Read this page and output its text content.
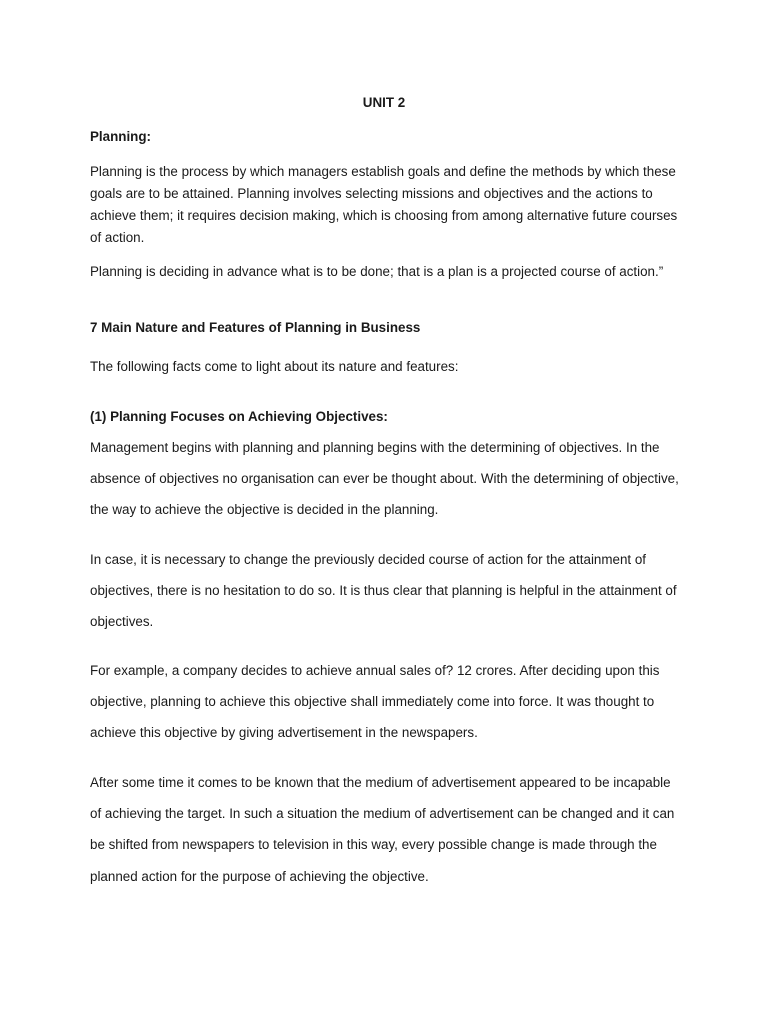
UNIT 2

Planning:

Planning is the process by which managers establish goals and define the methods by which these goals are to be attained. Planning involves selecting missions and objectives and the actions to achieve them; it requires decision making, which is choosing from among alternative future courses of action.

Planning is deciding in advance what is to be done; that is a plan is a projected course of action.”

7 Main Nature and Features of Planning in Business

The following facts come to light about its nature and features:

(1) Planning Focuses on Achieving Objectives:

Management begins with planning and planning begins with the determining of objectives. In the absence of objectives no organisation can ever be thought about. With the determining of objective, the way to achieve the objective is decided in the planning.

In case, it is necessary to change the previously decided course of action for the attainment of objectives, there is no hesitation to do so. It is thus clear that planning is helpful in the attainment of objectives.

For example, a company decides to achieve annual sales of? 12 crores. After deciding upon this objective, planning to achieve this objective shall immediately come into force. It was thought to achieve this objective by giving advertisement in the newspapers.

After some time it comes to be known that the medium of advertisement appeared to be incapable of achieving the target. In such a situation the medium of advertisement can be changed and it can be shifted from newspapers to television in this way, every possible change is made through the planned action for the purpose of achieving the objective.
